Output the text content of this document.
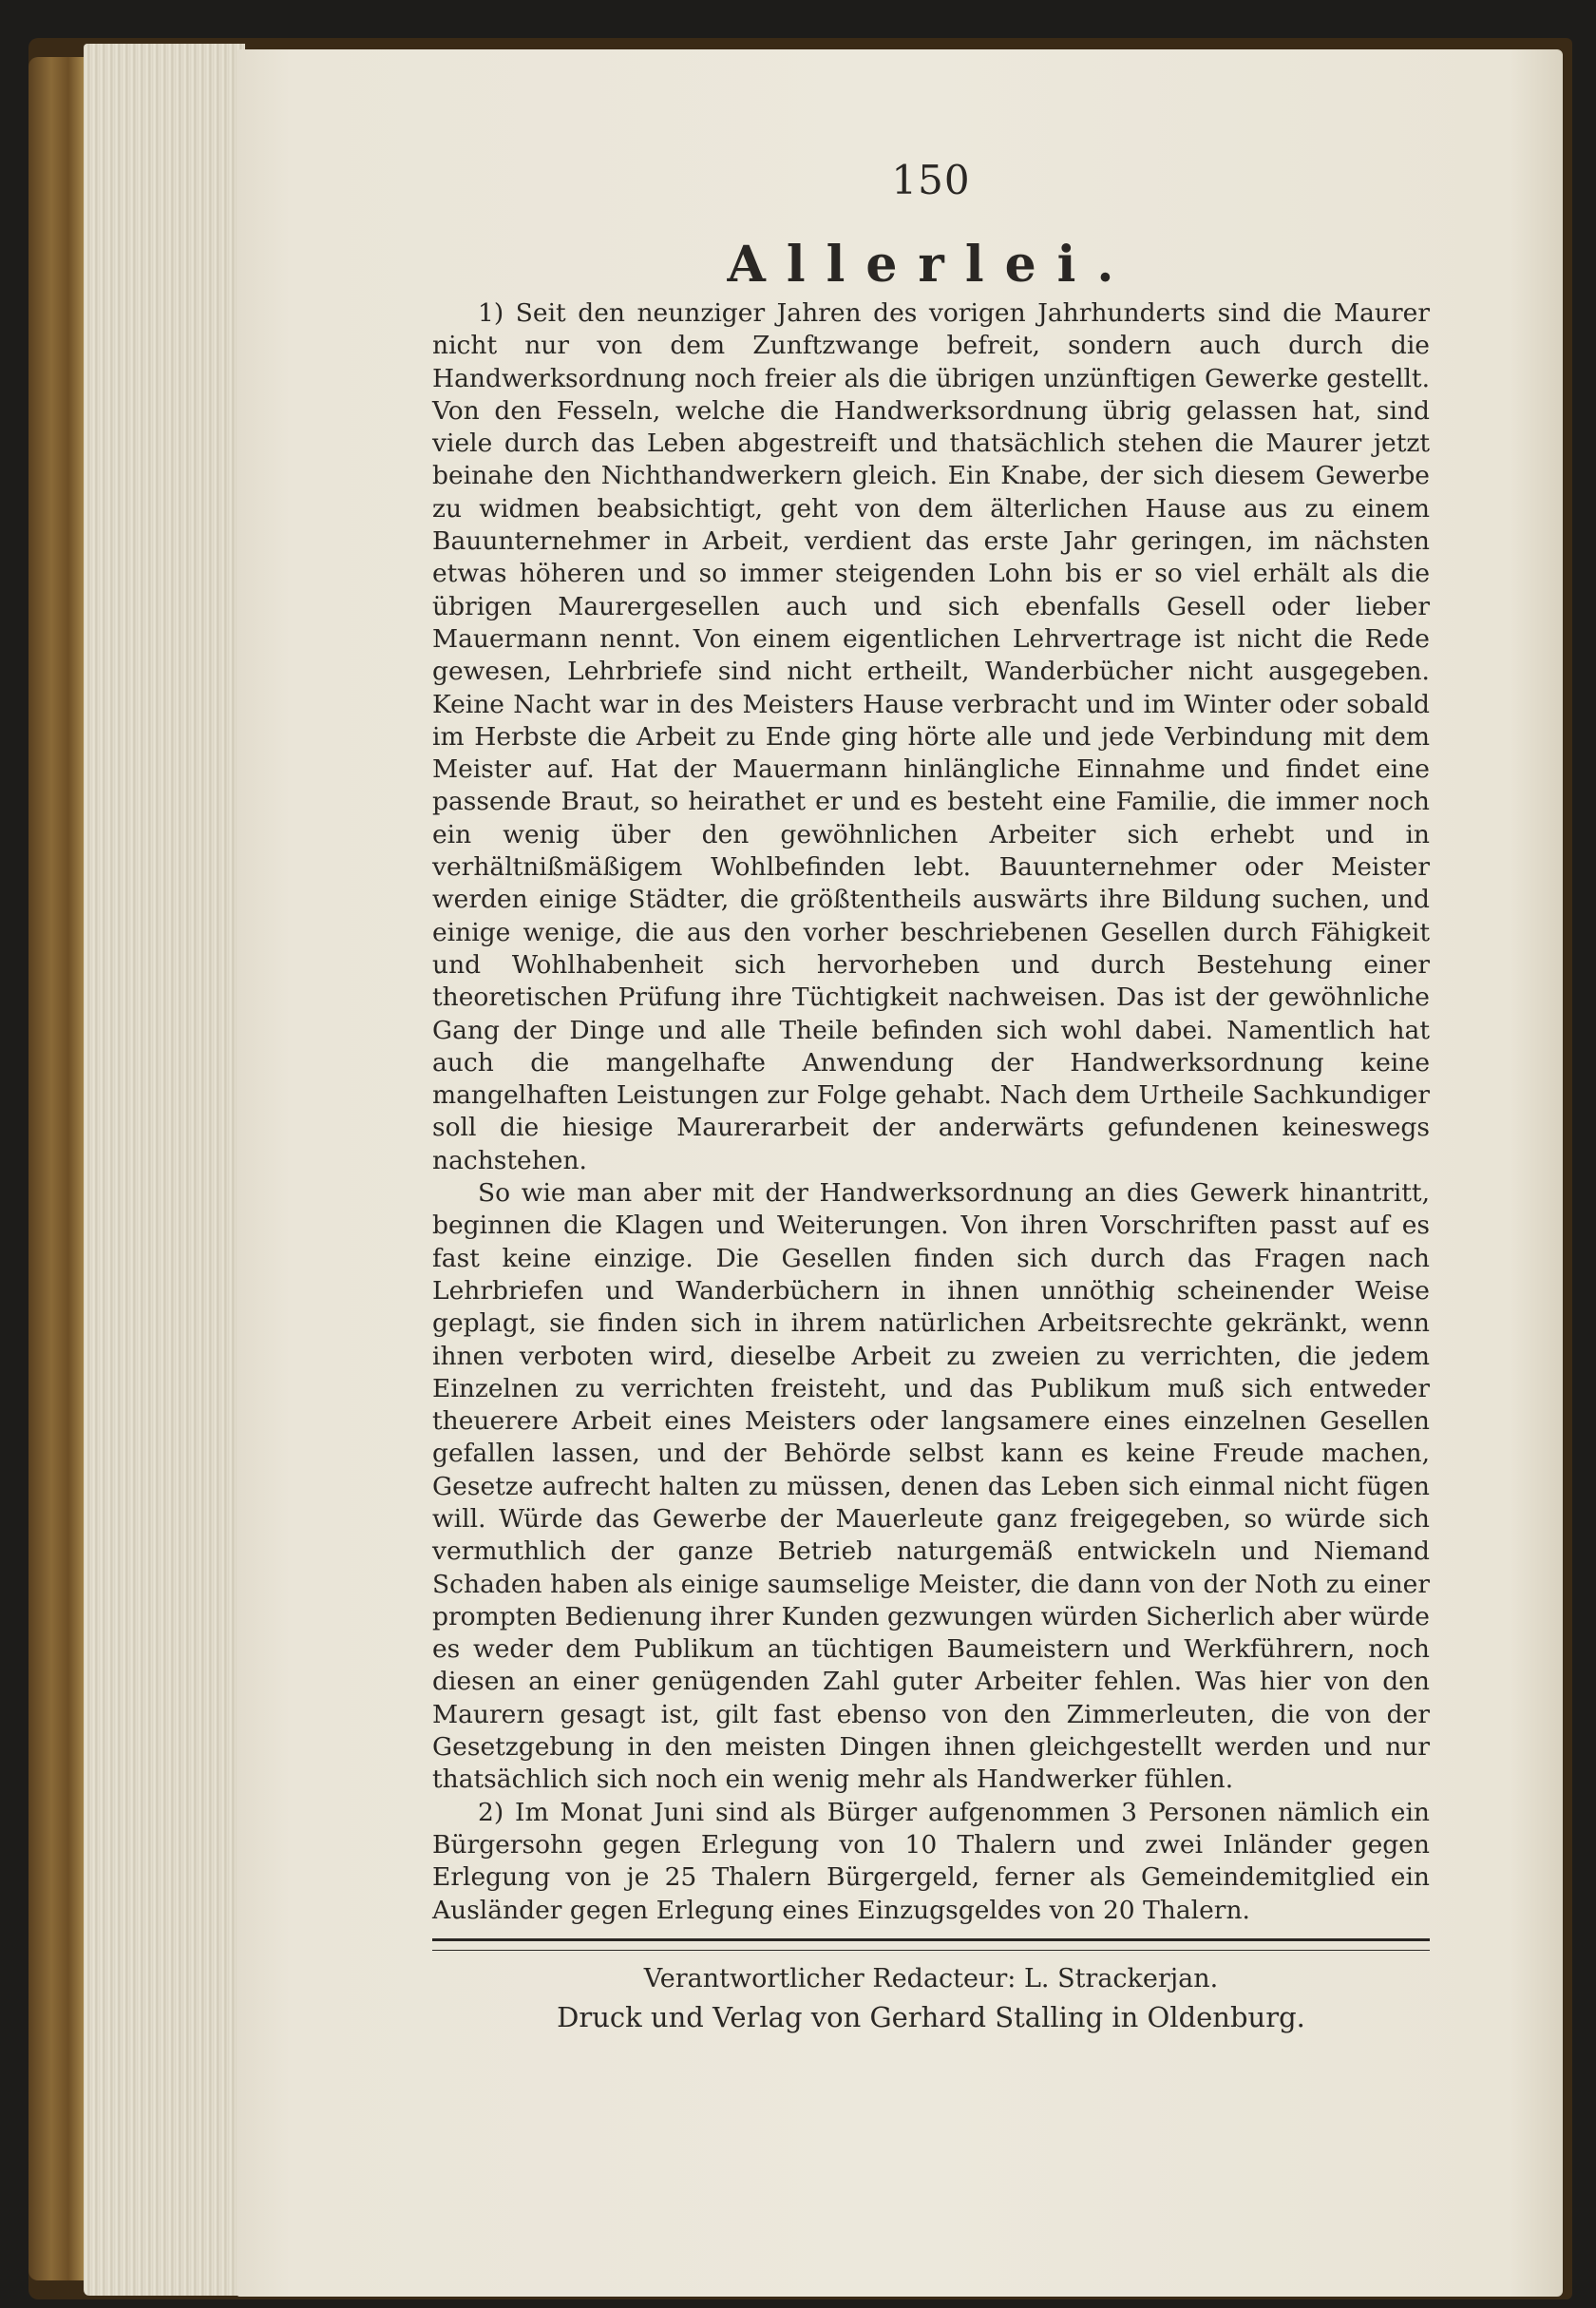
150
Allerlei.

1) Seit den neunziger Jahren des vorigen Jahrhunderts sind die Maurer nicht nur von dem Zunftzwange befreit, sondern auch durch die Handwerksordnung noch freier als die übrigen unzünftigen Gewerke gestellt. Von den Fesseln, welche die Handwerksordnung übrig gelassen hat, sind viele durch das Leben abgestreift und thatsächlich stehen die Maurer jetzt beinahe den Nichthandwerkern gleich. Ein Knabe, der sich diesem Gewerbe zu widmen beabsichtigt, geht von dem älterlichen Hause aus zu einem Bauunternehmer in Arbeit, verdient das erste Jahr geringen, im nächsten etwas höheren und so immer steigenden Lohn bis er so viel erhält als die übrigen Maurergesellen auch und sich ebenfalls Gesell oder lieber Mauermann nennt. Von einem eigentlichen Lehrvertrage ist nicht die Rede gewesen, Lehrbriefe sind nicht ertheilt, Wanderbücher nicht ausgegeben. Keine Nacht war in des Meisters Hause verbracht und im Winter oder sobald im Herbste die Arbeit zu Ende ging hörte alle und jede Verbindung mit dem Meister auf. Hat der Mauermann hinlängliche Einnahme und findet eine passende Braut, so heirathet er und es besteht eine Familie, die immer noch ein wenig über den gewöhnlichen Arbeiter sich erhebt und in verhältnißmäßigem Wohlbefinden lebt. Bauunternehmer oder Meister werden einige Städter, die größtentheils auswärts ihre Bildung suchen, und einige wenige, die aus den vorher beschriebenen Gesellen durch Fähigkeit und Wohlhabenheit sich hervorheben und durch Bestehung einer theoretischen Prüfung ihre Tüchtigkeit nachweisen. Das ist der gewöhnliche Gang der Dinge und alle Theile befinden sich wohl dabei. Namentlich hat auch die mangelhafte Anwendung der Handwerksordnung keine mangelhaften Leistungen zur Folge gehabt. Nach dem Urtheile Sachkundiger soll die hiesige Maurerarbeit der anderwärts gefundenen keineswegs nachstehen.

So wie man aber mit der Handwerksordnung an dies Gewerk hinantritt, beginnen die Klagen und Weiterungen. Von ihren Vorschriften passt auf es fast keine einzige. Die Gesellen finden sich durch das Fragen nach Lehrbriefen und Wanderbüchern in ihnen unnöthig scheinender Weise geplagt, sie finden sich in ihrem natürlichen Arbeitsrechte gekränkt, wenn ihnen verboten wird, dieselbe Arbeit zu zweien zu verrichten, die jedem Einzelnen zu verrichten freisteht, und das Publikum muß sich entweder theuerere Arbeit eines Meisters oder langsamere eines einzelnen Gesellen gefallen lassen, und der Behörde selbst kann es keine Freude machen, Gesetze aufrecht halten zu müssen, denen das Leben sich einmal nicht fügen will. Würde das Gewerbe der Mauerleute ganz freigegeben, so würde sich vermuthlich der ganze Betrieb naturgemäß entwickeln und Niemand Schaden haben als einige saumselige Meister, die dann von der Noth zu einer prompten Bedienung ihrer Kunden gezwungen würden Sicherlich aber würde es weder dem Publikum an tüchtigen Baumeistern und Werkführern, noch diesen an einer genügenden Zahl guter Arbeiter fehlen. Was hier von den Maurern gesagt ist, gilt fast ebenso von den Zimmerleuten, die von der Gesetzgebung in den meisten Dingen ihnen gleichgestellt werden und nur thatsächlich sich noch ein wenig mehr als Handwerker fühlen.

2) Im Monat Juni sind als Bürger aufgenommen 3 Personen nämlich ein Bürgersohn gegen Erlegung von 10 Thalern und zwei Inländer gegen Erlegung von je 25 Thalern Bürgergeld, ferner als Gemeindemitglied ein Ausländer gegen Erlegung eines Einzugsgeldes von 20 Thalern.

Verantwortlicher Redacteur: L. Strackerjan.
Druck und Verlag von Gerhard Stalling in Oldenburg.
